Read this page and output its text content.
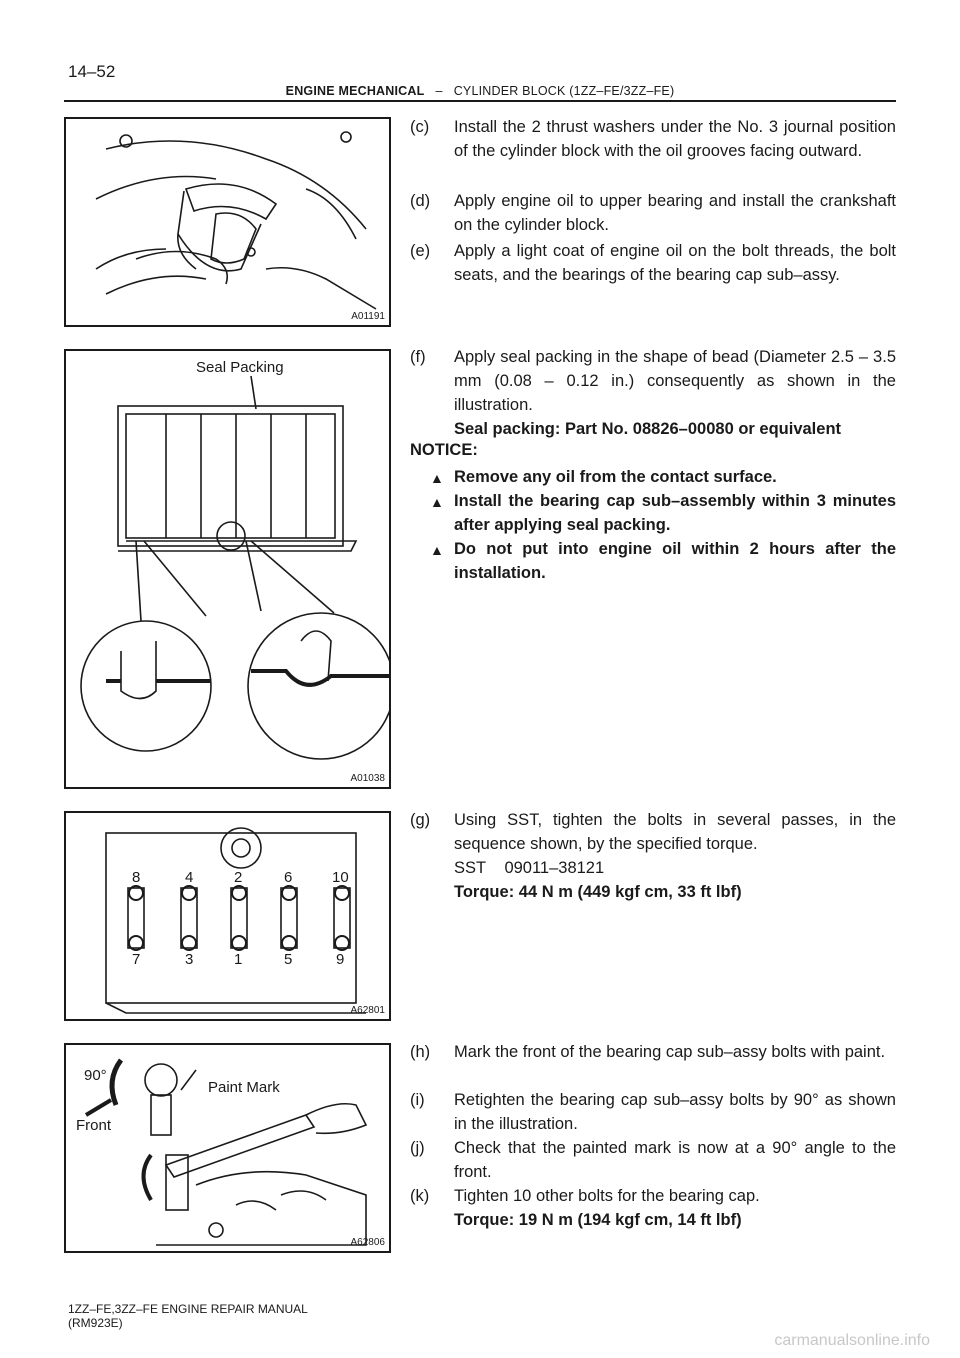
14–52
ENGINE MECHANICAL – CYLINDER BLOCK (1ZZ–FE/3ZZ–FE)
A01191
Seal Packing
A01038
8	4	2	6	10
7	3	1	5	9
A62801
90°
Paint Mark
Front
A62806
(c)	Install the 2 thrust washers under the No. 3 journal position of the cylinder block with the oil grooves facing outward.
(d)	Apply engine oil to upper bearing and install the crankshaft on the cylinder block.
(e)	Apply a light coat of engine oil on the bolt threads, the bolt seats, and the bearings of the bearing cap sub–assy.
(f)	Apply seal packing in the shape of bead (Diameter 2.5 – 3.5 mm (0.08 – 0.12 in.) consequently as shown in the illustration.
Seal packing: Part No. 08826–00080 or equivalent
NOTICE:
▲ Remove any oil from the contact surface.
▲ Install the bearing cap sub–assembly within 3 minutes after applying seal packing.
▲ Do not put into engine oil within 2 hours after the installation.
(g)	Using SST, tighten the bolts in several passes, in the sequence shown, by the specified torque.
SST 09011–38121
Torque: 44 N m (449 kgf cm, 33 ft lbf)
(h)	Mark the front of the bearing cap sub–assy bolts with paint.
(i)	Retighten the bearing cap sub–assy bolts by 90° as shown in the illustration.
(j)	Check that the painted mark is now at a 90° angle to the front.
(k)	Tighten 10 other bolts for the bearing cap.
Torque: 19 N m (194 kgf cm, 14 ft lbf)
1ZZ–FE,3ZZ–FE ENGINE REPAIR MANUAL
(RM923E)
carmanualsonline.info
